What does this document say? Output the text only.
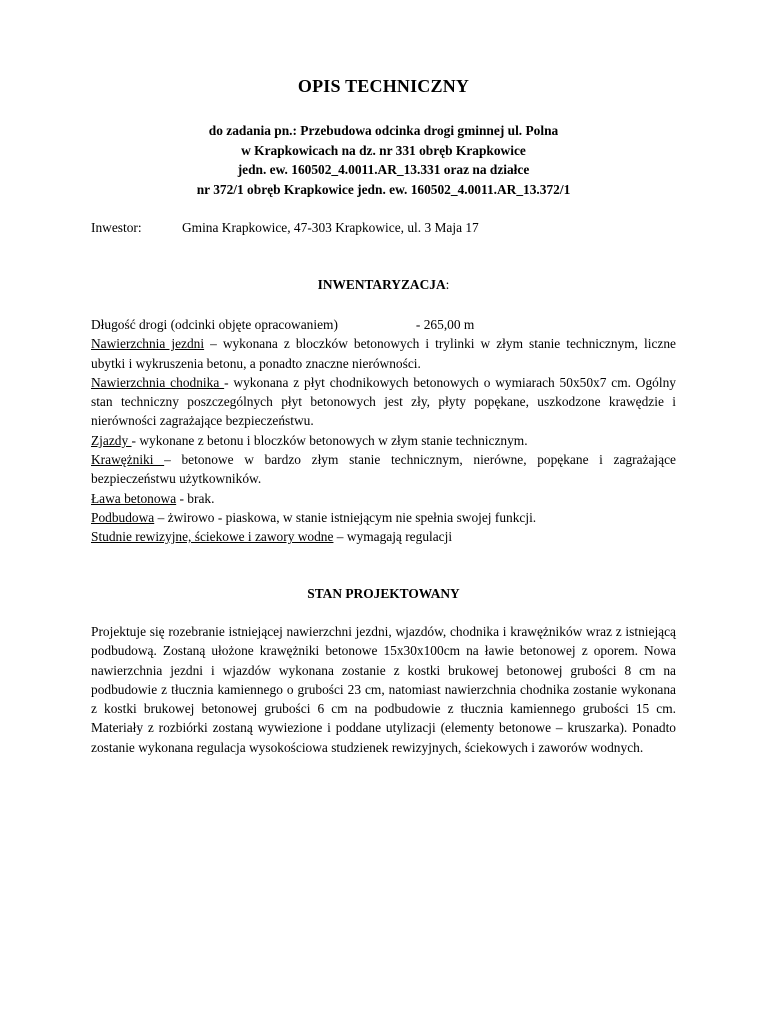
OPIS TECHNICZNY
do zadania pn.: Przebudowa odcinka drogi gminnej ul. Polna
w Krapkowicach na dz. nr 331 obręb Krapkowice
jedn. ew. 160502_4.0011.AR_13.331 oraz na działce
nr 372/1 obręb Krapkowice jedn. ew. 160502_4.0011.AR_13.372/1
Inwestor:	Gmina Krapkowice, 47-303 Krapkowice, ul. 3 Maja 17
INWENTARYZACJA:
Długość drogi (odcinki objęte opracowaniem)	- 265,00 m
Nawierzchnia jezdni – wykonana z bloczków betonowych i trylinki w złym stanie technicznym, liczne ubytki i wykruszenia betonu, a ponadto znaczne nierówności.
Nawierzchnia chodnika - wykonana z płyt chodnikowych betonowych o wymiarach 50x50x7 cm. Ogólny stan techniczny poszczególnych płyt betonowych jest zły, płyty popękane, uszkodzone krawędzie i nierówności zagrażające bezpieczeństwu.
Zjazdy - wykonane z betonu i bloczków betonowych w złym stanie technicznym.
Krawężniki – betonowe w bardzo złym stanie technicznym, nierówne, popękane i zagrażające bezpieczeństwu użytkowników.
Ława betonowa - brak.
Podbudowa – żwirowo - piaskowa, w stanie istniejącym nie spełnia swojej funkcji.
Studnie rewizyjne, ściekowe i zawory wodne – wymagają regulacji
STAN PROJEKTOWANY
Projektuje się rozebranie istniejącej nawierzchni jezdni, wjazdów, chodnika i krawężników wraz z istniejącą podbudową. Zostaną ułożone krawężniki betonowe 15x30x100cm na ławie betonowej z oporem. Nowa nawierzchnia jezdni i wjazdów wykonana zostanie z kostki brukowej betonowej grubości 8 cm na podbudowie z tłucznia kamiennego o grubości 23 cm, natomiast nawierzchnia chodnika zostanie wykonana z kostki brukowej betonowej grubości 6 cm na podbudowie z tłucznia kamiennego grubości 15 cm. Materiały z rozbiórki zostaną wywiezione i poddane utylizacji (elementy betonowe – kruszarka). Ponadto zostanie wykonana regulacja wysokościowa studzienek rewizyjnych, ściekowych i zaworów wodnych.
